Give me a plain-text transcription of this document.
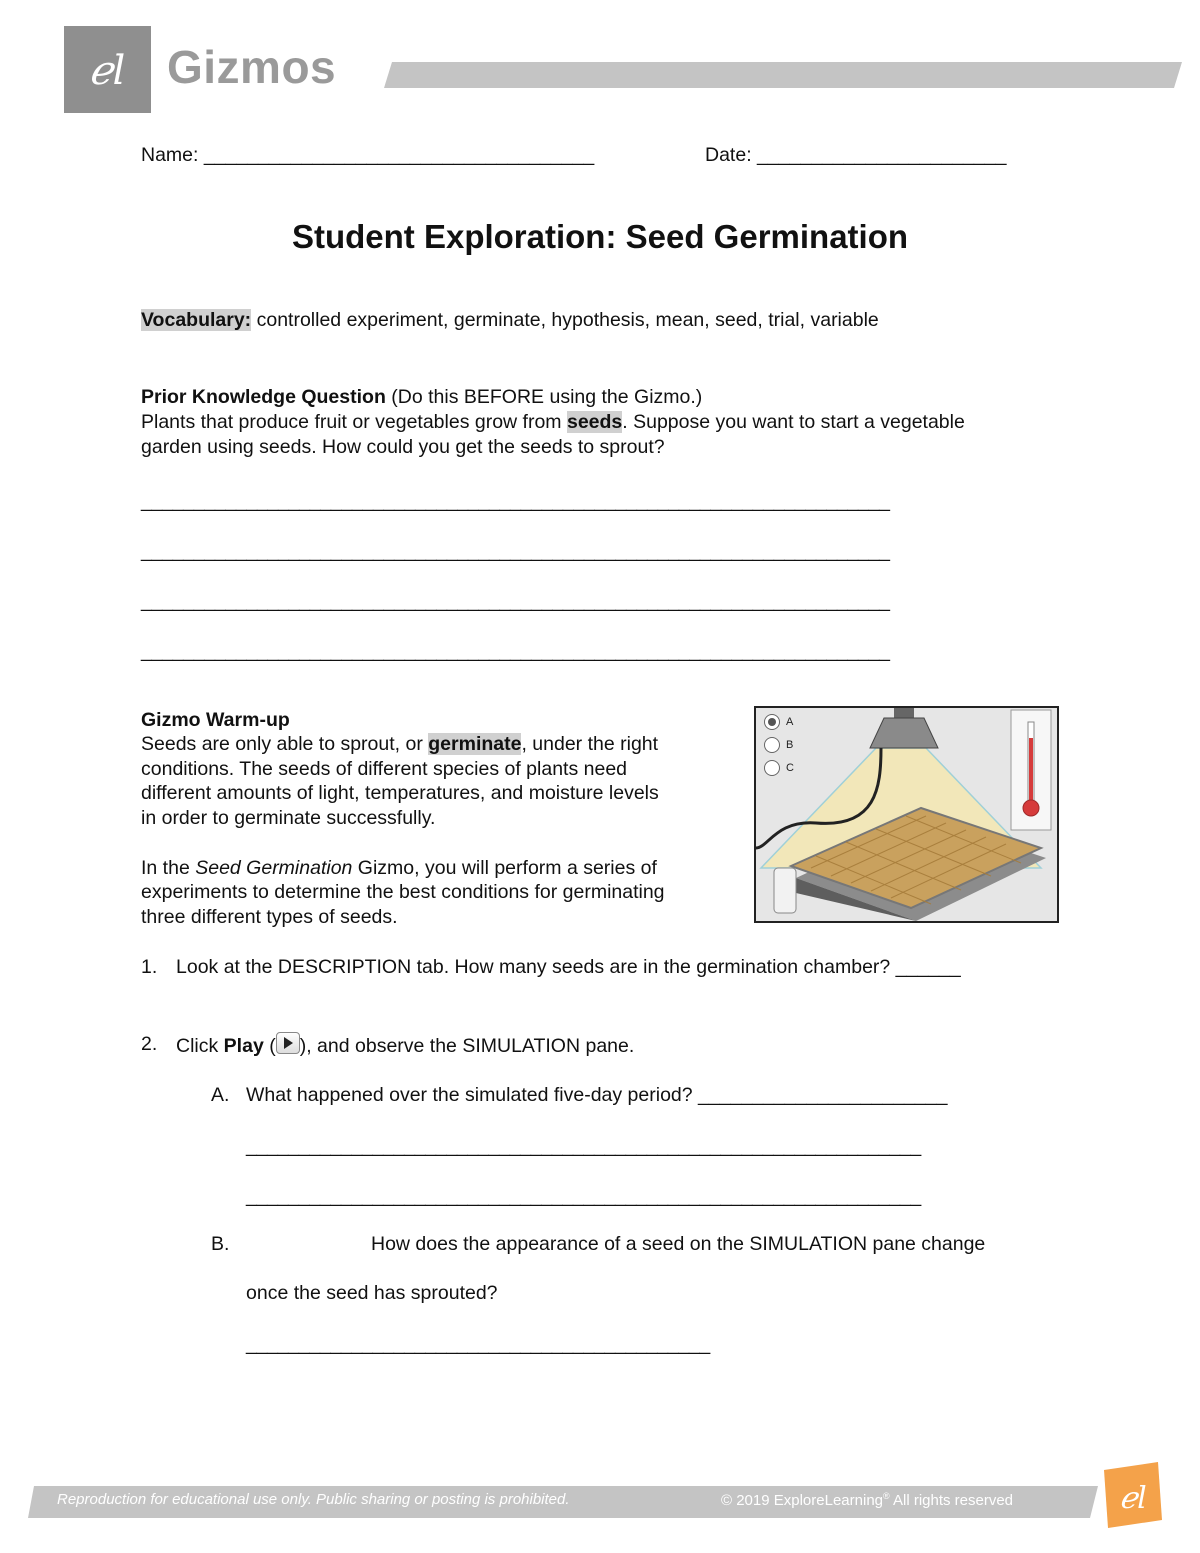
ℯl Gizmos
Name: ____________________________________	Date: _______________________
Student Exploration: Seed Germination
Vocabulary: controlled experiment, germinate, hypothesis, mean, seed, trial, variable
Prior Knowledge Question (Do this BEFORE using the Gizmo.)
Plants that produce fruit or vegetables grow from seeds. Suppose you want to start a vegetable
garden using seeds. How could you get the seeds to sprout?
_______________________________________________________________________
_______________________________________________________________________
_______________________________________________________________________
_______________________________________________________________________
Gizmo Warm-up
Seeds are only able to sprout, or germinate, under the right
conditions. The seeds of different species of plants need
different amounts of light, temperatures, and moisture levels
in order to germinate successfully.
In the Seed Germination Gizmo, you will perform a series of
experiments to determine the best conditions for germinating
three different types of seeds.
A
B
C
1. Look at the DESCRIPTION tab. How many seeds are in the germination chamber? ______
2. Click Play ( ), and observe the SIMULATION pane.
A. What happened over the simulated five-day period? _______________________
________________________________________________________________
________________________________________________________________
B.	How does the appearance of a seed on the SIMULATION pane change
once the seed has sprouted?
____________________________________________
Reproduction for educational use only. Public sharing or posting is prohibited.	© 2019 ExploreLearning® All rights reserved	ℯl
